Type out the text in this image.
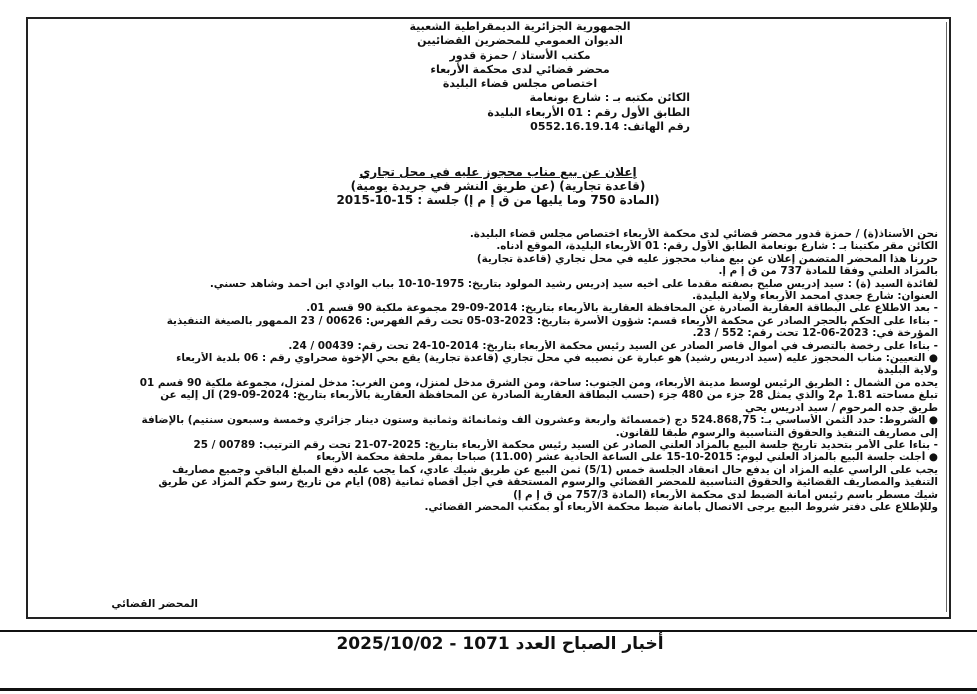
الجمهورية الجزائرية الديمقراطية الشعبية
الديوان العمومي للمحضرين القضائيين
مكتب الأستاذ / حمزة قدور
محضر قضائي لدى محكمة الأربعاء
اختصاص مجلس قضاء البليدة
الكائن مكتبه بـ : شارع بونعامة
الطابق الأول رقم : 01 الأربعاء البليدة
رقم الهاتف: 0552.16.19.14
إعلان عن بيع مناب محجوز عليه في محل تجاري
(قاعدة تجارية) (عن طريق النشر في جريدة يومية)
(المادة 750 وما يليها من ق إ م إ) جلسة : 15-10-2015

نحن الأستاذ(ة) / حمزة قدور محضر قضائي لدى محكمة الأربعاء اختصاص مجلس قضاء البليدة.

الكائن مقر مكتبنا بـ : شارع بونعامة الطابق الأول رقم: 01 الأربعاء البليدة، الموقع أدناه.

حررنا هذا المحضر المتضمن إعلان عن بيع مناب محجوز عليه في محل تجاري (قاعدة تجارية)

بالمزاد العلني وفقا للمادة 737 من ق إ م إ.

لفائدة السيد (ة) : سيد إدريس صليح بصفته مقدما على أخيه سيد إدريس رشيد المولود بتاريخ: 1975-10-10 بباب الوادي ابن أحمد وشاهد حسني.

العنوان: شارع جعدي امحمد الأربعاء ولاية البليدة.

- بعد الاطلاع على البطاقة العقارية الصادرة عن المحافظة العقارية بالأربعاء بتاريخ: 2014-09-29 مجموعة ملكية 90 قسم 01.

- بناءا على الحكم بالحجر الصادر عن محكمة الأربعاء قسم: شؤون الأسرة بتاريخ: 2023-03-05 تحت رقم الفهرس: 00626 / 23 الممهور بالصيغة التنفيذية

المؤرخة في: 2023-06-12 تحت رقم: 552 / 23.

- بناءا على رخصة بالتصرف في أموال قاصر الصادر عن السيد رئيس محكمة الأربعاء بتاريخ: 2014-10-24 تحت رقم: 00439 / 24.

● التعيين: مناب المحجوز عليه (سيد ادريس رشيد) هو عبارة عن نصيبه في محل تجاري (قاعدة تجارية) يقع بحي الإخوة صحراوي رقم : 06 بلدية الأربعاء

ولاية البليدة

يحده من الشمال : الطريق الرئيس لوسط مدينة الأربعاء، ومن الجنوب: ساحة، ومن الشرق مدخل لمنزل، ومن الغرب: مدخل لمنزل، مجموعة ملكية 90 قسم 01

تبلغ مساحته 1.81 م2 والذي يمثل 28 جزء من 480 جزء (حسب البطاقة العقارية الصادرة عن المحافظة العقارية بالأربعاء بتاريخ: 2024-09-29) آل إليه عن

طريق جده المرحوم / سيد ادريس يحي

● الشروط: حدد الثمن الأساسي بـ: 524.868,75 دج (خمسمائة وأربعة وعشرون ألف وثمانمائة وثمانية وستون دينار جزائري وخمسة وسبعون سنتيم) بالإضافة

إلى مصاريف التنفيذ والحقوق التناسبية والرسوم طبقا للقانون.

- بناءا على الأمر بتحديد تاريخ جلسة البيع بالمزاد العلني الصادر عن السيد رئيس محكمة الأربعاء بتاريخ: 2025-07-21 تحت رقم الترتيب: 00789 / 25

● أجلت جلسة البيع بالمزاد العلني ليوم: 2015-10-15 على الساعة الحادية عشر (11.00) صباحا بمقر ملحقة محكمة الأربعاء

يجب على الراسي عليه المزاد أن يدفع حال انعقاد الجلسة خمس (5/1) ثمن البيع عن طريق شيك عادي، كما يجب عليه دفع المبلغ الباقي وجميع مصاريف

التنفيذ والمصاريف القضائية والحقوق التناسبية للمحضر القضائي والرسوم المستحقة في أجل أقصاه ثمانية (08) أيام من تاريخ رسو حكم المزاد عن طريق

شيك مسطر باسم رئيس أمانة الضبط لدى محكمة الأربعاء (المادة 757/3 من ق إ م إ)

وللإطلاع على دفتر شروط البيع يرجى الاتصال بأمانة ضبط محكمة الأربعاء أو بمكتب المحضر القضائي.

المحضر القضائي
أخبار الصباح العدد 1071 - 2025/10/02
